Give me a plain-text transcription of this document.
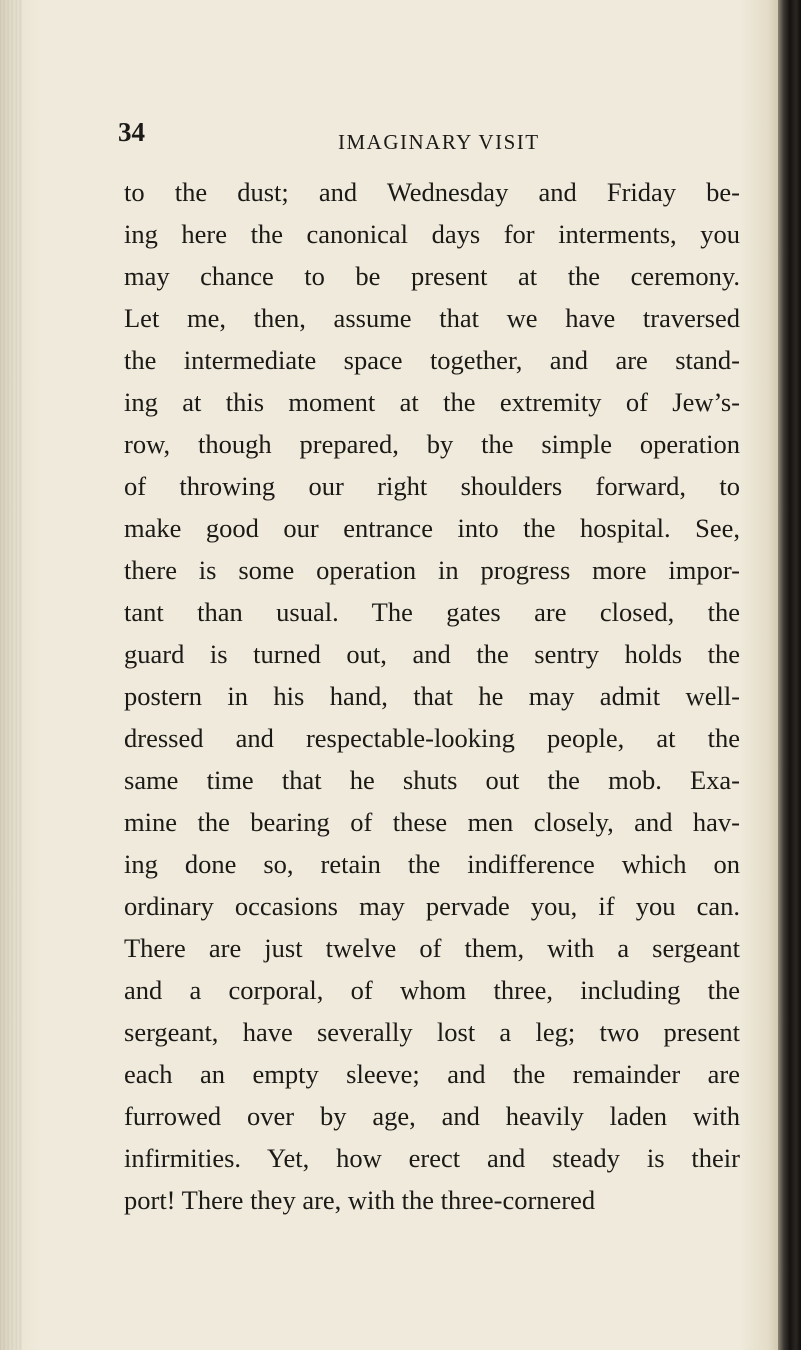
34	IMAGINARY VISIT
to the dust; and Wednesday and Friday be-
ing here the canonical days for interments, you
may chance to be present at the ceremony.
Let me, then, assume that we have traversed
the intermediate space together, and are stand-
ing at this moment at the extremity of Jew’s-
row, though prepared, by the simple operation
of throwing our right shoulders forward, to
make good our entrance into the hospital. See,
there is some operation in progress more impor-
tant than usual. The gates are closed, the
guard is turned out, and the sentry holds the
postern in his hand, that he may admit well-
dressed and respectable-looking people, at the
same time that he shuts out the mob. Exa-
mine the bearing of these men closely, and hav-
ing done so, retain the indifference which on
ordinary occasions may pervade you, if you can.
There are just twelve of them, with a sergeant
and a corporal, of whom three, including the
sergeant, have severally lost a leg; two present
each an empty sleeve; and the remainder are
furrowed over by age, and heavily laden with
infirmities. Yet, how erect and steady is their
port! There they are, with the three-cornered
